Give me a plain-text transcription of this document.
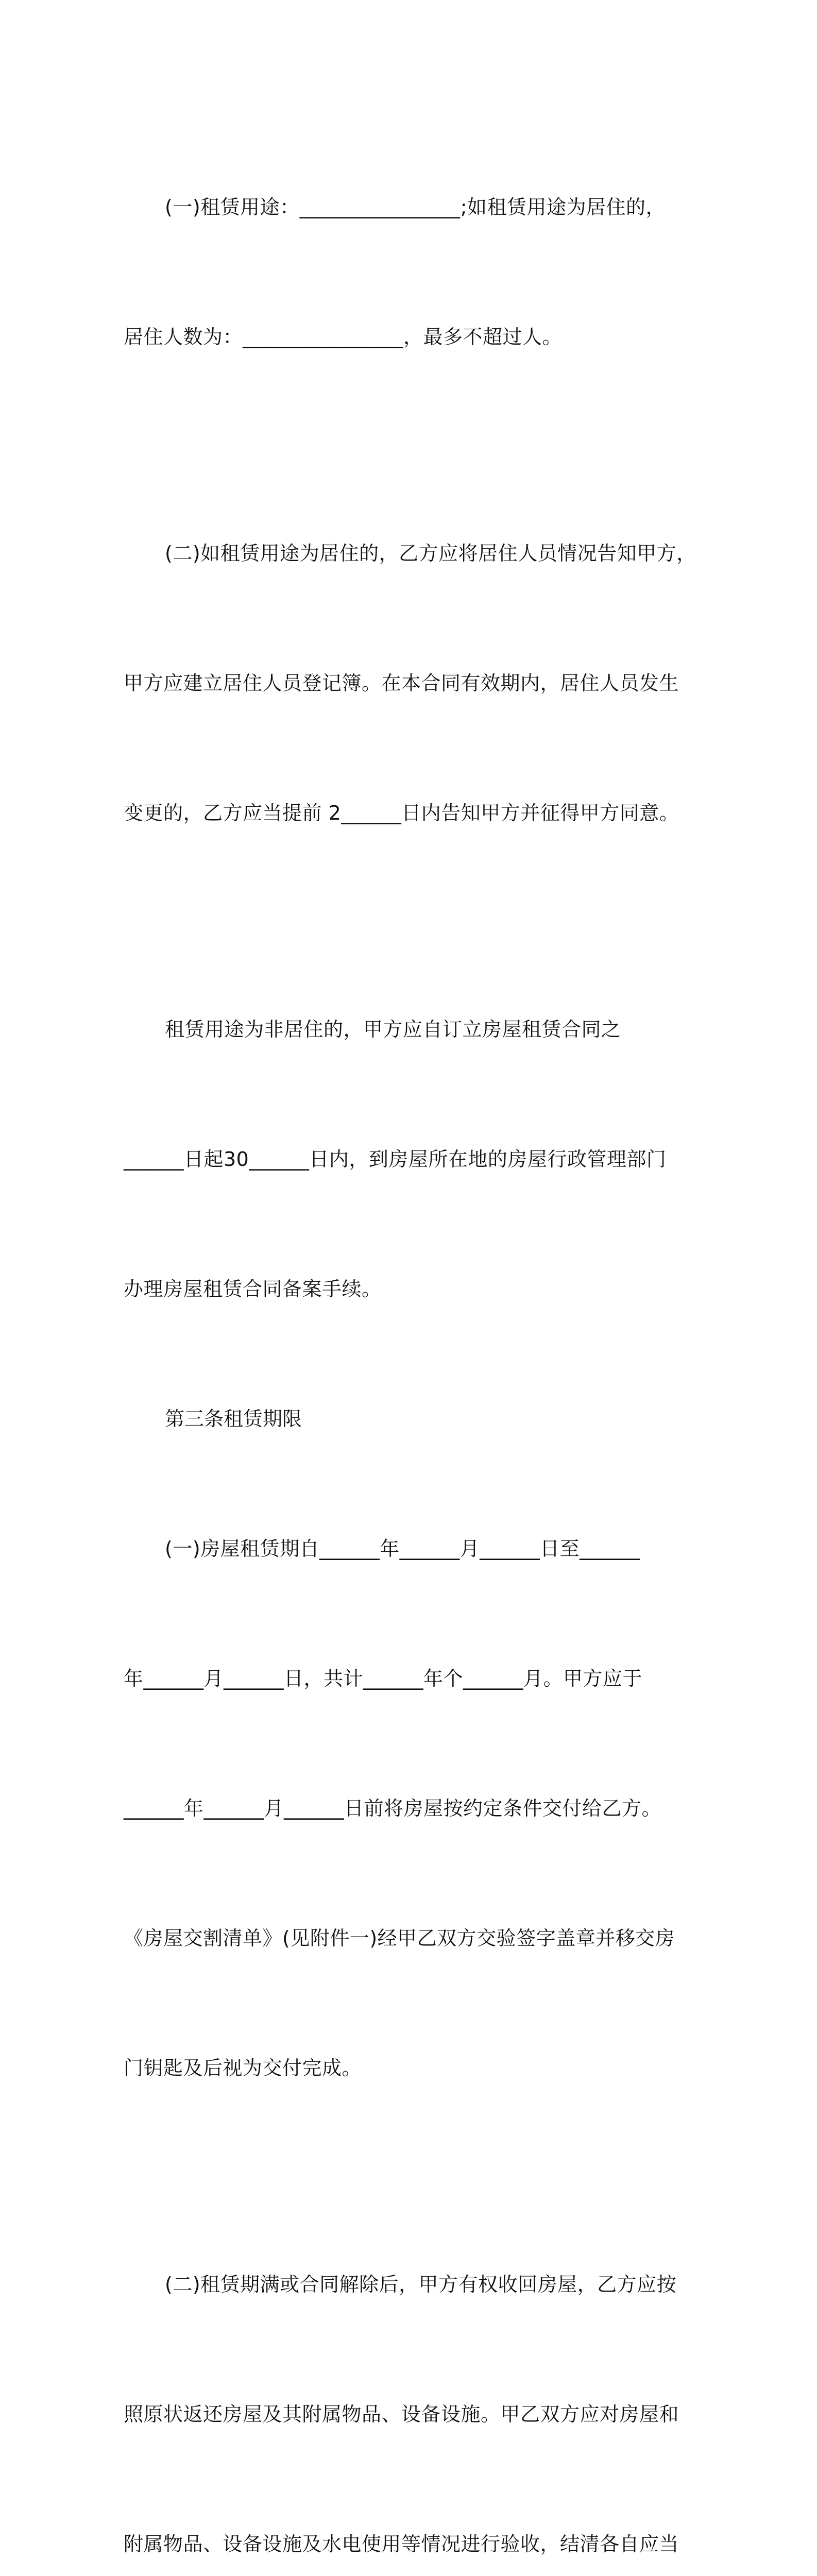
(一)租赁用途：________________;如租赁用途为居住的，

居住人数为：________________，最多不超过人。

(二)如租赁用途为居住的，乙方应将居住人员情况告知甲方，

甲方应建立居住人员登记簿。在本合同有效期内，居住人员发生

变更的，乙方应当提前 2______日内告知甲方并征得甲方同意。

租赁用途为非居住的，甲方应自订立房屋租赁合同之

______日起30______日内，到房屋所在地的房屋行政管理部门

办理房屋租赁合同备案手续。

第三条租赁期限

(一)房屋租赁期自______年______月______日至______

年______月______日，共计______年个______月。甲方应于

______年______月______日前将房屋按约定条件交付给乙方。

《房屋交割清单》(见附件一)经甲乙双方交验签字盖章并移交房

门钥匙及后视为交付完成。

(二)租赁期满或合同解除后，甲方有权收回房屋，乙方应按

照原状返还房屋及其附属物品、设备设施。甲乙双方应对房屋和

附属物品、设备设施及水电使用等情况进行验收，结清各自应当
